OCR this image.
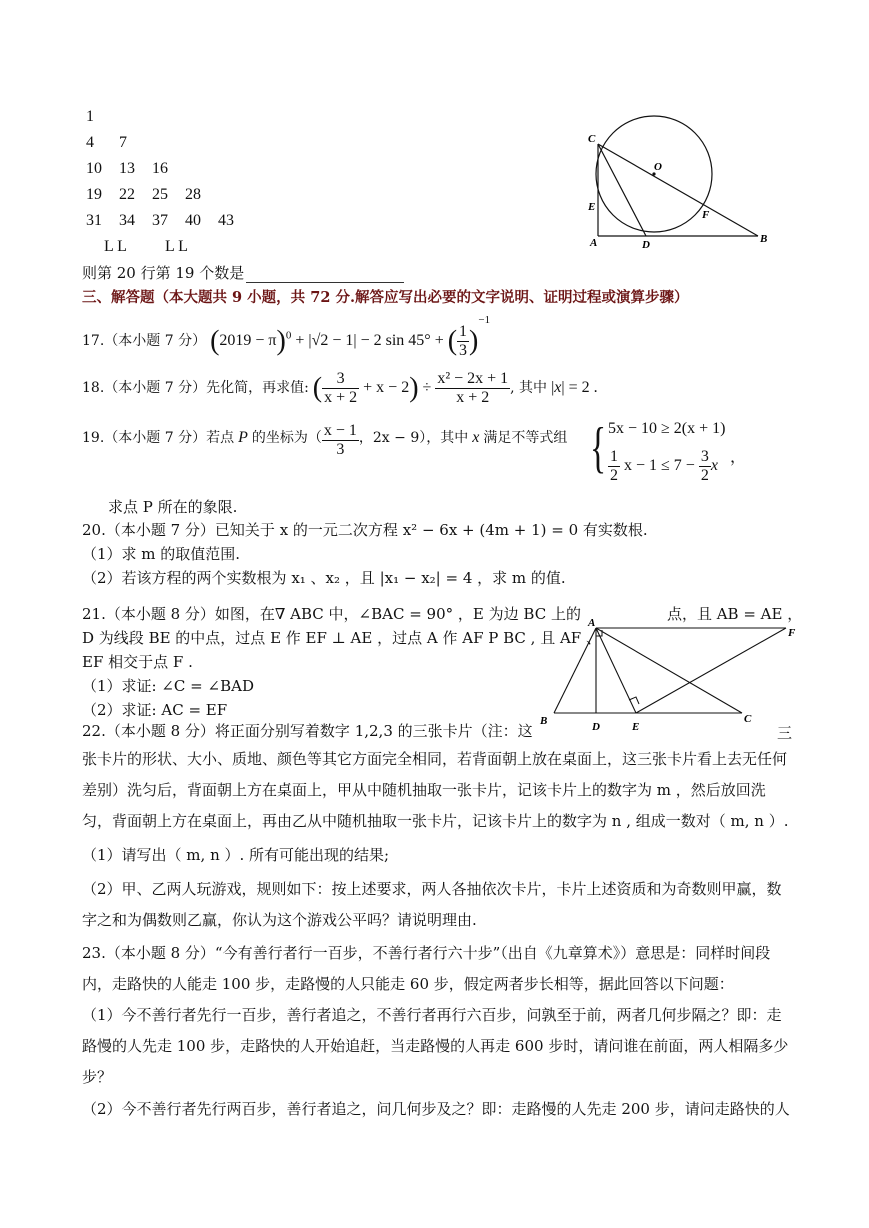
1
4 7
10 13 16
19 22 25 28
31 34 37 40 43
L L L L
C
O
E
F
A	D	B
则第 20 行第 19 个数是
三、解答题（本大题共 9 小题，共 72 分.解答应写出必要的文字说明、证明过程或演算步骤）
17.（本小题 7 分） $(2019 - \pi)^0 + |√2 - 1| - 2$ sin 45° + ( $\frac{1}{3} )^{-1}$
18.（本小题 7 分）先化简，再求值: ( $\frac{3}{x + 2} + x - 2) \div \frac{\text{x² − 2x + 1}}{x + 2}$ , 其中 |x| = 2 .
19.（本小题 7 分）若点 P 的坐标为（ $\frac{x - 1}{3}$ ，2x − 9），其中 x 满足不等式组 { 5x − 10 ≥ 2(x + 1)
$\frac{1}{2}$ $x - 1 \le 7 - \frac{3}{2}$ x ，
求点 P 所在的象限.
20.（本小题 7 分）已知关于 x 的一元二次方程 x² − 6x + (4m + 1) = 0 有实数根.
（1）求 m 的取值范围.
（2）若该方程的两个实数根为 x₁ 、x₂ ，且 |x₁ − x₂| = 4 ，求 m 的值.
21.（本小题 8 分）如图，在∇ ABC 中，∠BAC = 90° ，E 为边 BC 上的	点，且 AB = AE ，
D 为线段 BE 的中点，过点 E 作 EF ⊥ AE ，过点 A 作 AF P BC , 且 AF 、
EF 相交于点 F .
（1）求证: ∠C = ∠BAD
（2）求证: AC = EF
A
F
B	D	E
C
22.（本小题 8 分）将正面分别写着数字 1,2,3 的三张卡片（注：这	三
张卡片的形状、大小、质地、颜色等其它方面完全相同，若背面朝上放在桌面上，这三张卡片看上去无任何差别）洗匀后，背面朝上方在桌面上，甲从中随机抽取一张卡片，记该卡片上的数字为 m ，然后放回洗匀，背面朝上方在桌面上，再由乙从中随机抽取一张卡片，记该卡片上的数字为 n , 组成一数对（ m, n ）.
（1）请写出（ m, n ）. 所有可能出现的结果;
（2）甲、乙两人玩游戏，规则如下：按上述要求，两人各抽依次卡片，卡片上述资质和为奇数则甲赢，数字之和为偶数则乙赢，你认为这个游戏公平吗？请说明理由.
23.（本小题 8 分）“今有善行者行一百步，不善行者行六十步”（出自《九章算术》）意思是：同样时间段内，走路快的人能走 100 步，走路慢的人只能走 60 步，假定两者步长相等，据此回答以下问题：
（1）今不善行者先行一百步，善行者追之，不善行者再行六百步，问孰至于前，两者几何步隔之？即：走路慢的人先走 100 步，走路快的人开始追赶，当走路慢的人再走 600 步时，请问谁在前面，两人相隔多少步？
（2）今不善行者先行两百步，善行者追之，问几何步及之？即：走路慢的人先走 200 步，请问走路快的人
